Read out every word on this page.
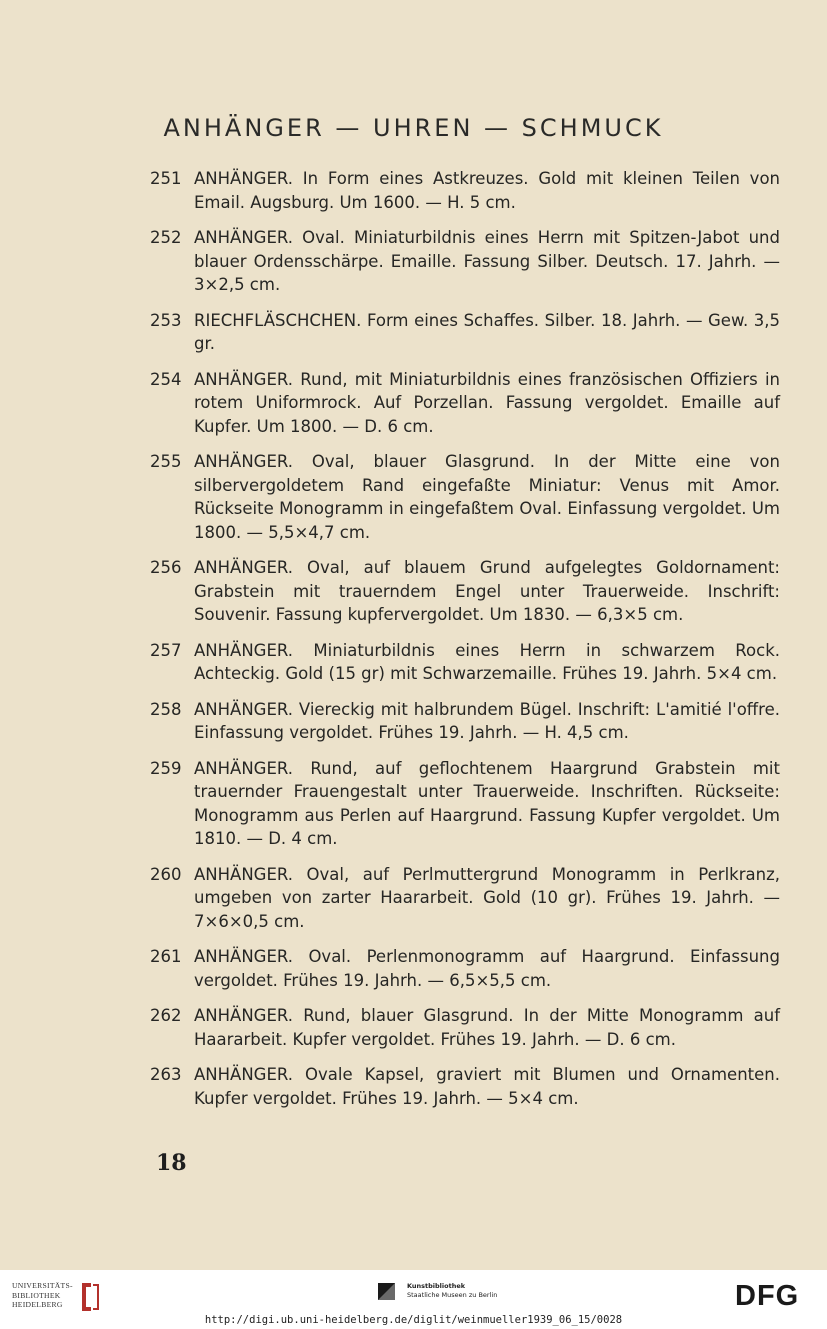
ANHÄNGER — UHREN — SCHMUCK
251 ANHÄNGER. In Form eines Astkreuzes. Gold mit kleinen Teilen von Email. Augsburg. Um 1600. — H. 5 cm.
252 ANHÄNGER. Oval. Miniaturbildnis eines Herrn mit Spitzen-Jabot und blauer Ordensschärpe. Emaille. Fassung Silber. Deutsch. 17. Jahrh. — 3×2,5 cm.
253 RIECHFLÄSCHCHEN. Form eines Schaffes. Silber. 18. Jahrh. — Gew. 3,5 gr.
254 ANHÄNGER. Rund, mit Miniaturbildnis eines französischen Offiziers in rotem Uniformrock. Auf Porzellan. Fassung vergoldet. Emaille auf Kupfer. Um 1800. — D. 6 cm.
255 ANHÄNGER. Oval, blauer Glasgrund. In der Mitte eine von silbervergoldetem Rand eingefaßte Miniatur: Venus mit Amor. Rückseite Monogramm in eingefaßtem Oval. Einfassung vergoldet. Um 1800. — 5,5×4,7 cm.
256 ANHÄNGER. Oval, auf blauem Grund aufgelegtes Goldornament: Grabstein mit trauerndem Engel unter Trauerweide. Inschrift: Souvenir. Fassung kupfervergoldet. Um 1830. — 6,3×5 cm.
257 ANHÄNGER. Miniaturbildnis eines Herrn in schwarzem Rock. Achteckig. Gold (15 gr) mit Schwarzemaille. Frühes 19. Jahrh. 5×4 cm.
258 ANHÄNGER. Viereckig mit halbrundem Bügel. Inschrift: L'amitié l'offre. Einfassung vergoldet. Frühes 19. Jahrh. — H. 4,5 cm.
259 ANHÄNGER. Rund, auf geflochtenem Haargrund Grabstein mit trauernder Frauengestalt unter Trauerweide. Inschriften. Rückseite: Monogramm aus Perlen auf Haargrund. Fassung Kupfer vergoldet. Um 1810. — D. 4 cm.
260 ANHÄNGER. Oval, auf Perlmuttergrund Monogramm in Perlkranz, umgeben von zarter Haararbeit. Gold (10 gr). Frühes 19. Jahrh. — 7×6×0,5 cm.
261 ANHÄNGER. Oval. Perlenmonogramm auf Haargrund. Einfassung vergoldet. Frühes 19. Jahrh. — 6,5×5,5 cm.
262 ANHÄNGER. Rund, blauer Glasgrund. In der Mitte Monogramm auf Haararbeit. Kupfer vergoldet. Frühes 19. Jahrh. — D. 6 cm.
263 ANHÄNGER. Ovale Kapsel, graviert mit Blumen und Ornamenten. Kupfer vergoldet. Frühes 19. Jahrh. — 5×4 cm.
18
UNIVERSITÄTS-
BIBLIOTHEK
HEIDELBERG
Kunstbibliothek
Staatliche Museen zu Berlin	DFG
http://digi.ub.uni-heidelberg.de/diglit/weinmueller1939_06_15/0028
